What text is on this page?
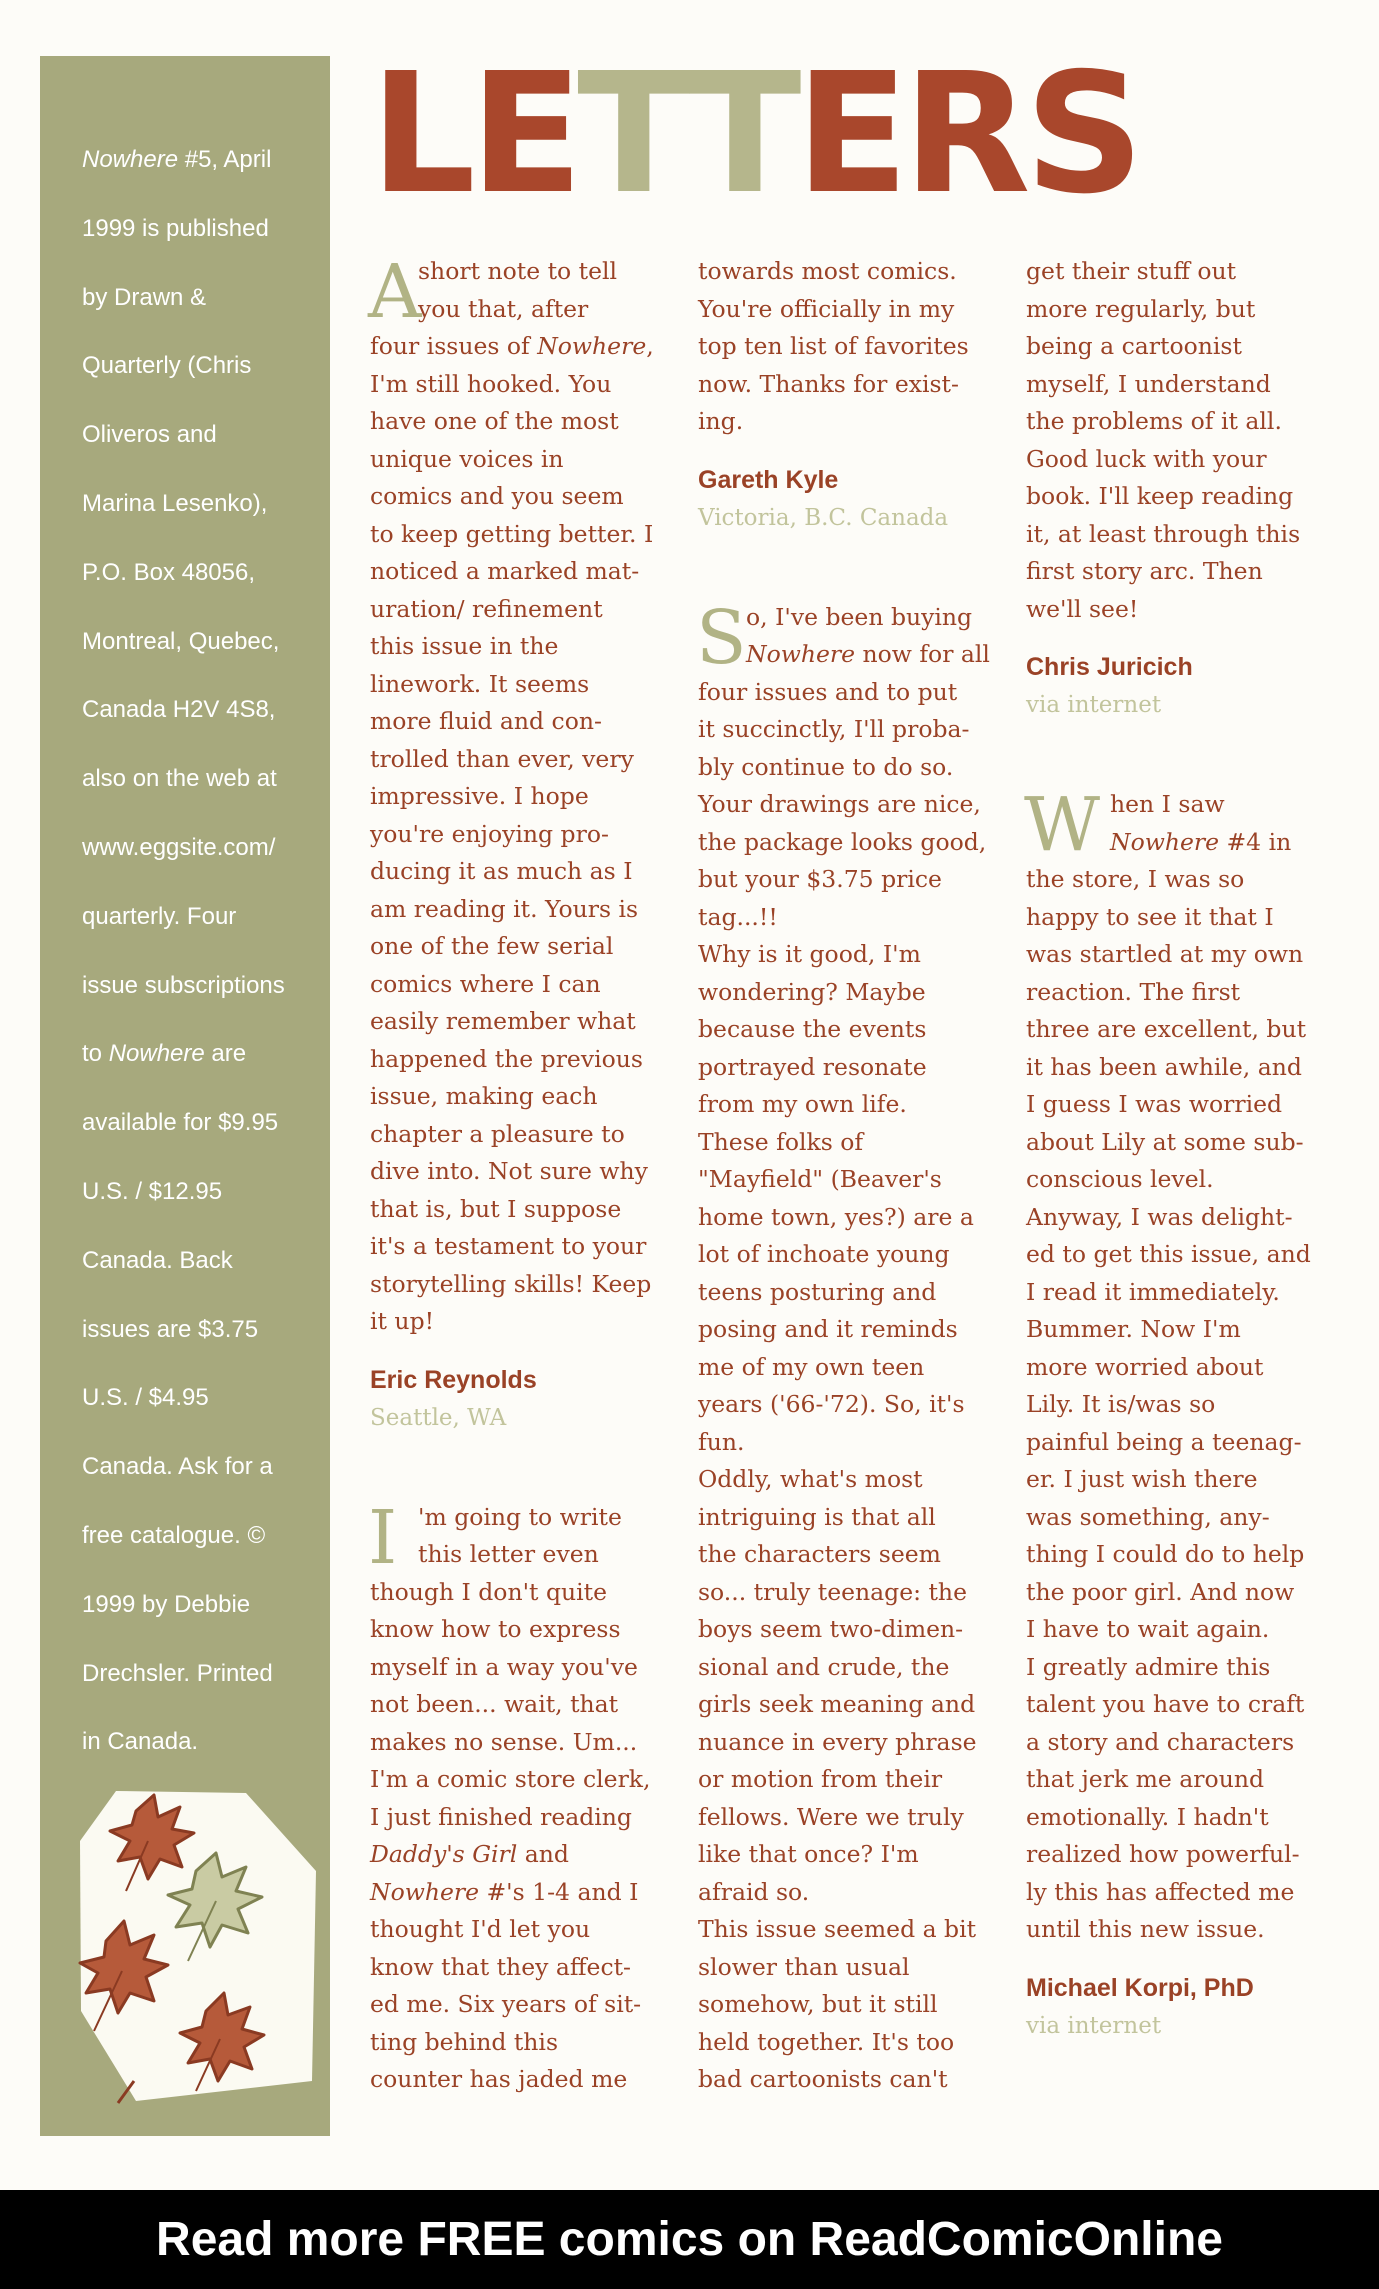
Nowhere #5, April
1999 is published
by Drawn &
Quarterly (Chris
Oliveros and
Marina Lesenko),
P.O. Box 48056,
Montreal, Quebec,
Canada H2V 4S8,
also on the web at
www.eggsite.com/
quarterly. Four
issue subscriptions
to Nowhere are
available for $9.95
U.S. / $12.95
Canada. Back
issues are $3.75
U.S. / $4.95
Canada. Ask for a
free catalogue. ©
1999 by Debbie
Drechsler. Printed
in Canada.
LETTERS
A
short note to tell
you that, after
four issues of Nowhere,
I'm still hooked. You
have one of the most
unique voices in
comics and you seem
to keep getting better. I
noticed a marked mat-
uration/ refinement
this issue in the
linework. It seems
more fluid and con-
trolled than ever, very
impressive. I hope
you're enjoying pro-
ducing it as much as I
am reading it. Yours is
one of the few serial
comics where I can
easily remember what
happened the previous
issue, making each
chapter a pleasure to
dive into. Not sure why
that is, but I suppose
it's a testament to your
storytelling skills! Keep
it up!
Eric Reynolds
Seattle, WA
I 'm going to write
this letter even
though I don't quite
know how to express
myself in a way you've
not been... wait, that
makes no sense. Um...
I'm a comic store clerk,
I just finished reading
Daddy's Girl and
Nowhere #'s 1-4 and I
thought I'd let you
know that they affect-
ed me. Six years of sit-
ting behind this
counter has jaded me
towards most comics.
You're officially in my
top ten list of favorites
now. Thanks for exist-
ing.
Gareth Kyle
Victoria, B.C. Canada
S o, I've been buying
Nowhere now for all
four issues and to put
it succinctly, I'll proba-
bly continue to do so.
Your drawings are nice,
the package looks good,
but your $3.75 price
tag...!!
Why is it good, I'm
wondering? Maybe
because the events
portrayed resonate
from my own life.
These folks of
"Mayfield" (Beaver's
home town, yes?) are a
lot of inchoate young
teens posturing and
posing and it reminds
me of my own teen
years ('66-'72). So, it's
fun.
Oddly, what's most
intriguing is that all
the characters seem
so... truly teenage: the
boys seem two-dimen-
sional and crude, the
girls seek meaning and
nuance in every phrase
or motion from their
fellows. Were we truly
like that once? I'm
afraid so.
This issue seemed a bit
slower than usual
somehow, but it still
held together. It's too
bad cartoonists can't
get their stuff out
more regularly, but
being a cartoonist
myself, I understand
the problems of it all.
Good luck with your
book. I'll keep reading
it, at least through this
first story arc. Then
we'll see!
Chris Juricich
via internet
W hen I saw
Nowhere #4 in
the store, I was so
happy to see it that I
was startled at my own
reaction. The first
three are excellent, but
it has been awhile, and
I guess I was worried
about Lily at some sub-
conscious level.
Anyway, I was delight-
ed to get this issue, and
I read it immediately.
Bummer. Now I'm
more worried about
Lily. It is/was so
painful being a teenag-
er. I just wish there
was something, any-
thing I could do to help
the poor girl. And now
I have to wait again.
I greatly admire this
talent you have to craft
a story and characters
that jerk me around
emotionally. I hadn't
realized how powerful-
ly this has affected me
until this new issue.
Michael Korpi, PhD
via internet
Read more FREE comics on ReadComicOnline
